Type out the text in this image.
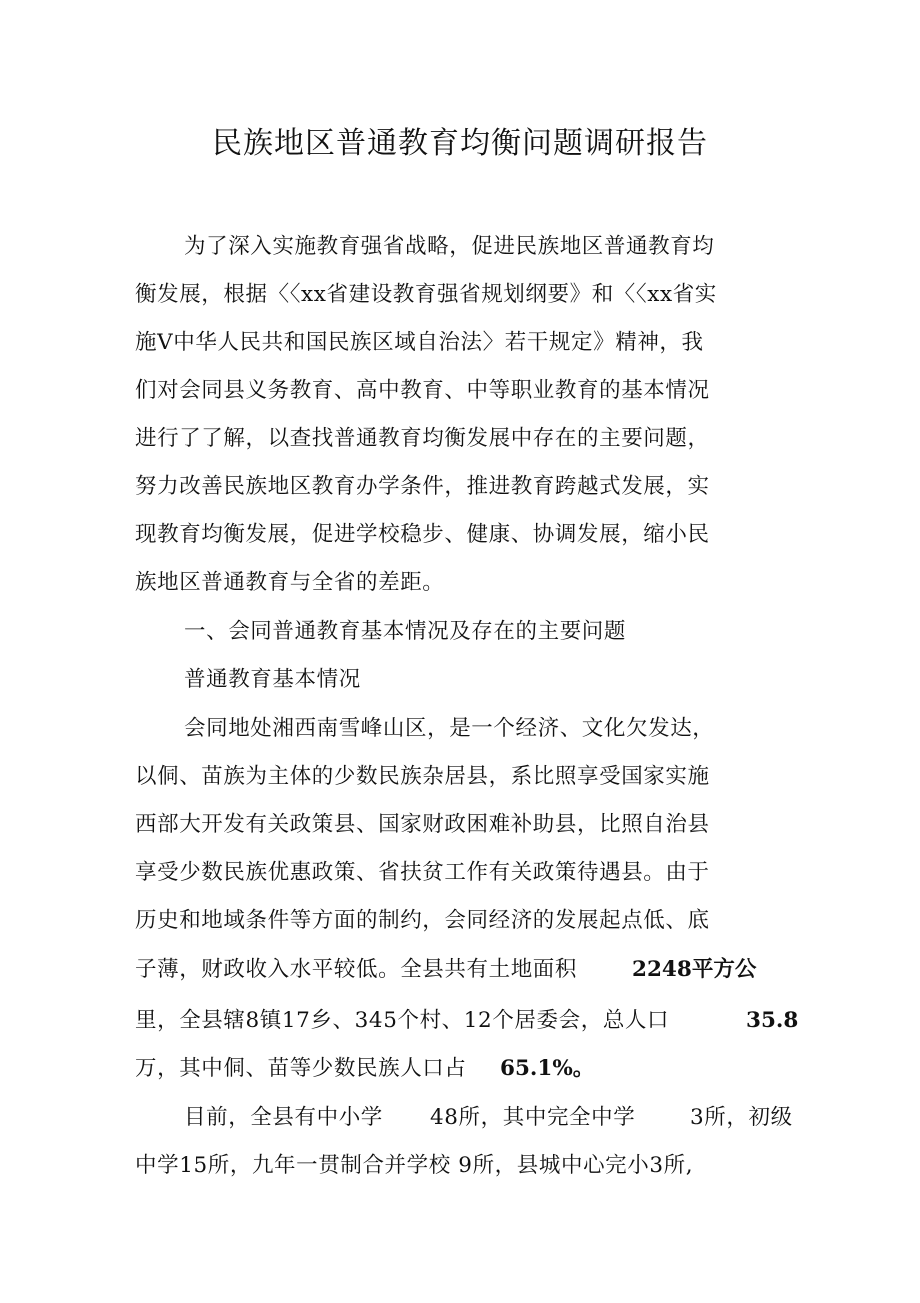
民族地区普通教育均衡问题调研报告
为了深入实施教育强省战略，促进民族地区普通教育均
衡发展，根据〈〈xx省建设教育强省规划纲要》和〈〈xx省实
施V中华人民共和国民族区域自治法〉若干规定》精神，我
们对会同县义务教育、高中教育、中等职业教育的基本情况
进行了了解，以查找普通教育均衡发展中存在的主要问题，
努力改善民族地区教育办学条件，推进教育跨越式发展，实
现教育均衡发展，促进学校稳步、健康、协调发展，缩小民
族地区普通教育与全省的差距。
一、会同普通教育基本情况及存在的主要问题
普通教育基本情况
会同地处湘西南雪峰山区，是一个经济、文化欠发达，
以侗、苗族为主体的少数民族杂居县，系比照享受国家实施
西部大开发有关政策县、国家财政困难补助县，比照自治县
享受少数民族优惠政策、省扶贫工作有关政策待遇县。由于
历史和地域条件等方面的制约，会同经济的发展起点低、底
子薄，财政收入水平较低。全县共有土地面积	2248平方公
里，全县辖8镇17乡、345个村、12个居委会，总人口	35.8
万，其中侗、苗等少数民族人口占 65.1%。
目前，全县有中小学 48所，其中完全中学	3所，初级
中学15所，九年一贯制合并学校 9所，县城中心完小3所,
